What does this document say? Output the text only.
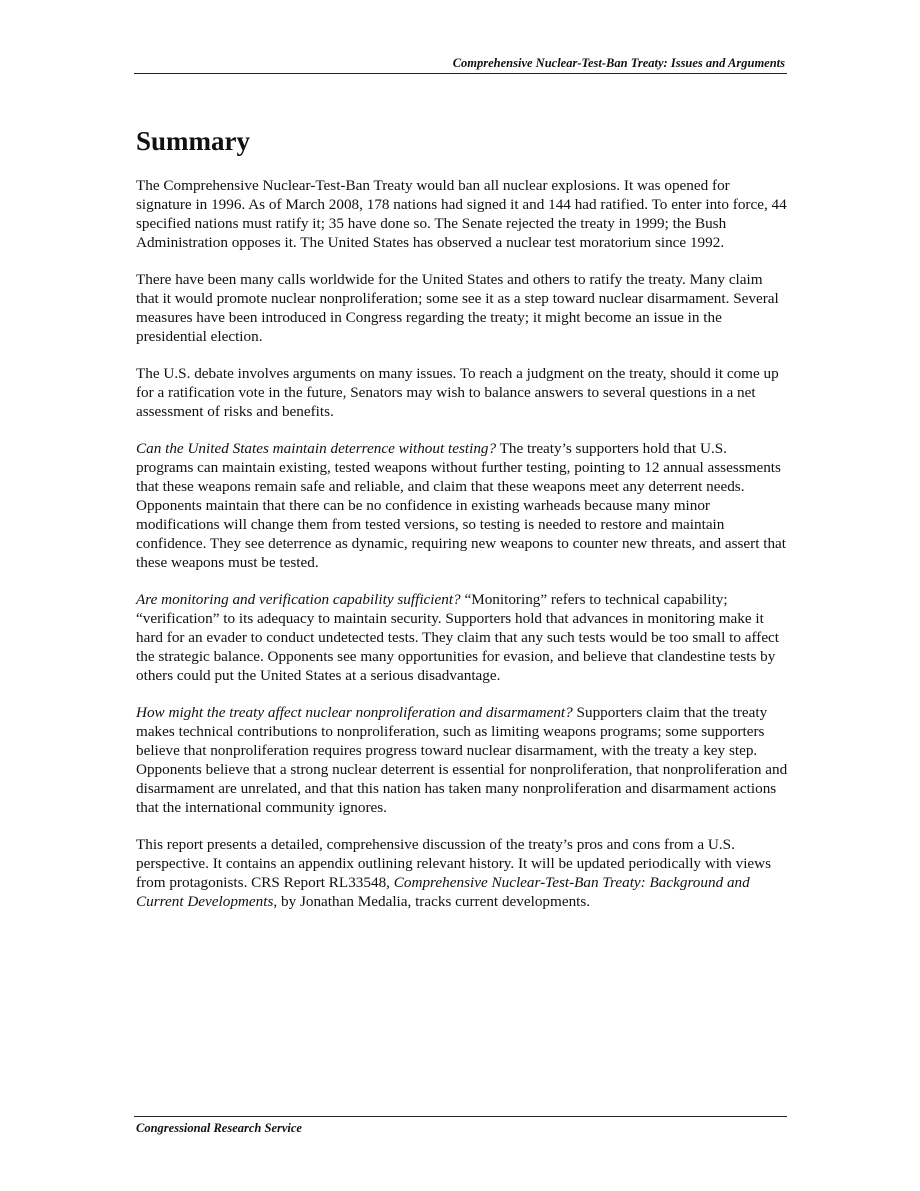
Comprehensive Nuclear-Test-Ban Treaty: Issues and Arguments
Summary

The Comprehensive Nuclear-Test-Ban Treaty would ban all nuclear explosions. It was opened for signature in 1996. As of March 2008, 178 nations had signed it and 144 had ratified. To enter into force, 44 specified nations must ratify it; 35 have done so. The Senate rejected the treaty in 1999; the Bush Administration opposes it. The United States has observed a nuclear test moratorium since 1992.

There have been many calls worldwide for the United States and others to ratify the treaty. Many claim that it would promote nuclear nonproliferation; some see it as a step toward nuclear disarmament. Several measures have been introduced in Congress regarding the treaty; it might become an issue in the presidential election.

The U.S. debate involves arguments on many issues. To reach a judgment on the treaty, should it come up for a ratification vote in the future, Senators may wish to balance answers to several questions in a net assessment of risks and benefits.

Can the United States maintain deterrence without testing? The treaty’s supporters hold that U.S. programs can maintain existing, tested weapons without further testing, pointing to 12 annual assessments that these weapons remain safe and reliable, and claim that these weapons meet any deterrent needs. Opponents maintain that there can be no confidence in existing warheads because many minor modifications will change them from tested versions, so testing is needed to restore and maintain confidence. They see deterrence as dynamic, requiring new weapons to counter new threats, and assert that these weapons must be tested.

Are monitoring and verification capability sufficient? “Monitoring” refers to technical capability; “verification” to its adequacy to maintain security. Supporters hold that advances in monitoring make it hard for an evader to conduct undetected tests. They claim that any such tests would be too small to affect the strategic balance. Opponents see many opportunities for evasion, and believe that clandestine tests by others could put the United States at a serious disadvantage.

How might the treaty affect nuclear nonproliferation and disarmament? Supporters claim that the treaty makes technical contributions to nonproliferation, such as limiting weapons programs; some supporters believe that nonproliferation requires progress toward nuclear disarmament, with the treaty a key step. Opponents believe that a strong nuclear deterrent is essential for nonproliferation, that nonproliferation and disarmament are unrelated, and that this nation has taken many nonproliferation and disarmament actions that the international community ignores.

This report presents a detailed, comprehensive discussion of the treaty’s pros and cons from a U.S. perspective. It contains an appendix outlining relevant history. It will be updated periodically with views from protagonists. CRS Report RL33548, Comprehensive Nuclear-Test-Ban Treaty: Background and Current Developments, by Jonathan Medalia, tracks current developments.

Congressional Research Service
